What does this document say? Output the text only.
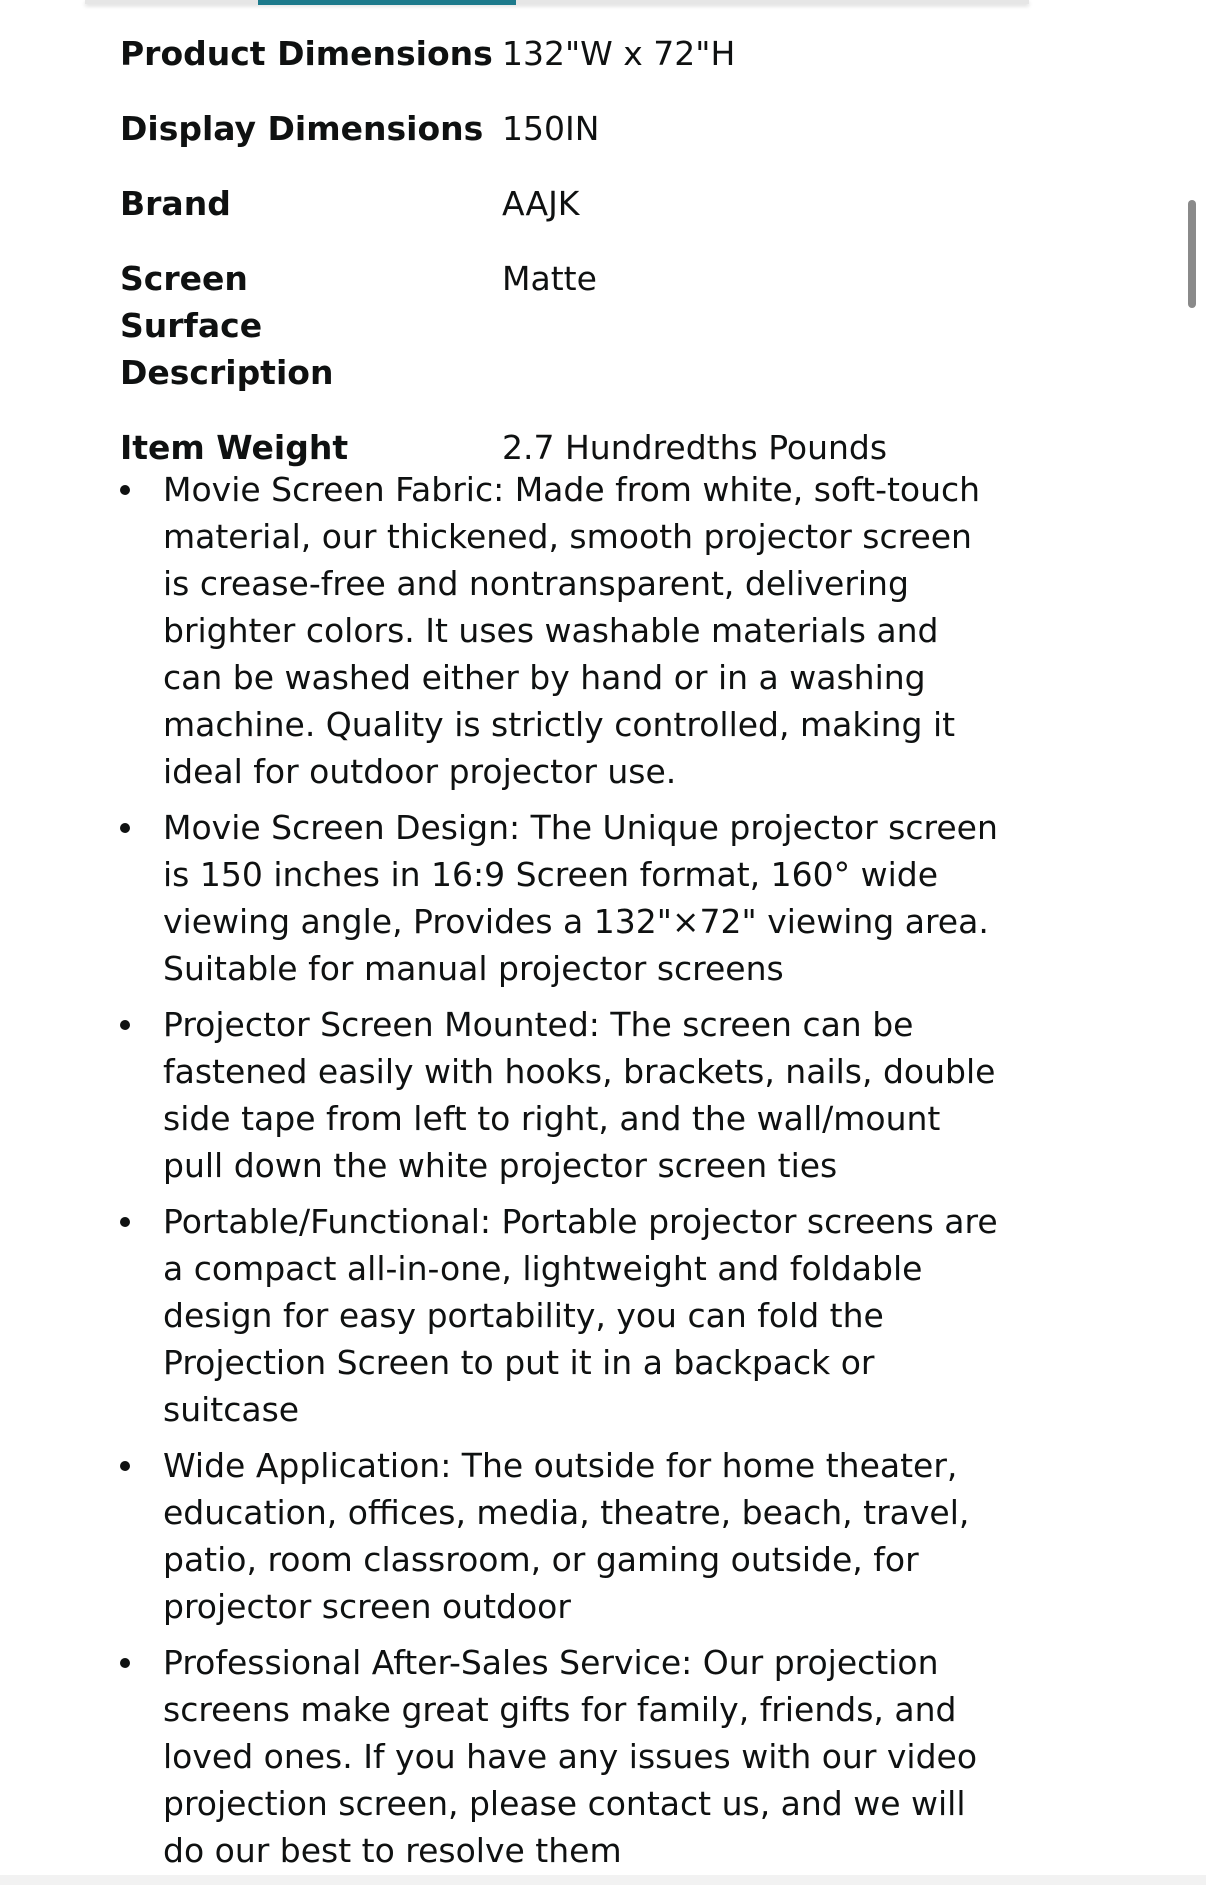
Product Dimensions 132"W x 72"H
Display Dimensions 150IN
Brand	AAJK
Screen Surface Description
Matte
Item Weight	2.7 Hundredths Pounds
Movie Screen Fabric: Made from white, soft-touch material, our thickened, smooth projector screen is crease-free and nontransparent, delivering brighter colors. It uses washable materials and can be washed either by hand or in a washing machine. Quality is strictly controlled, making it ideal for outdoor projector use.
Movie Screen Design: The Unique projector screen is 150 inches in 16:9 Screen format, 160° wide viewing angle, Provides a 132"×72" viewing area. Suitable for manual projector screens
Projector Screen Mounted: The screen can be fastened easily with hooks, brackets, nails, double side tape from left to right, and the wall/mount pull down the white projector screen ties
Portable/Functional: Portable projector screens are a compact all-in-one, lightweight and foldable design for easy portability, you can fold the Projection Screen to put it in a backpack or suitcase
Wide Application: The outside for home theater, education, offices, media, theatre, beach, travel, patio, room classroom, or gaming outside, for projector screen outdoor
Professional After-Sales Service: Our projection screens make great gifts for family, friends, and loved ones. If you have any issues with our video projection screen, please contact us, and we will do our best to resolve them
